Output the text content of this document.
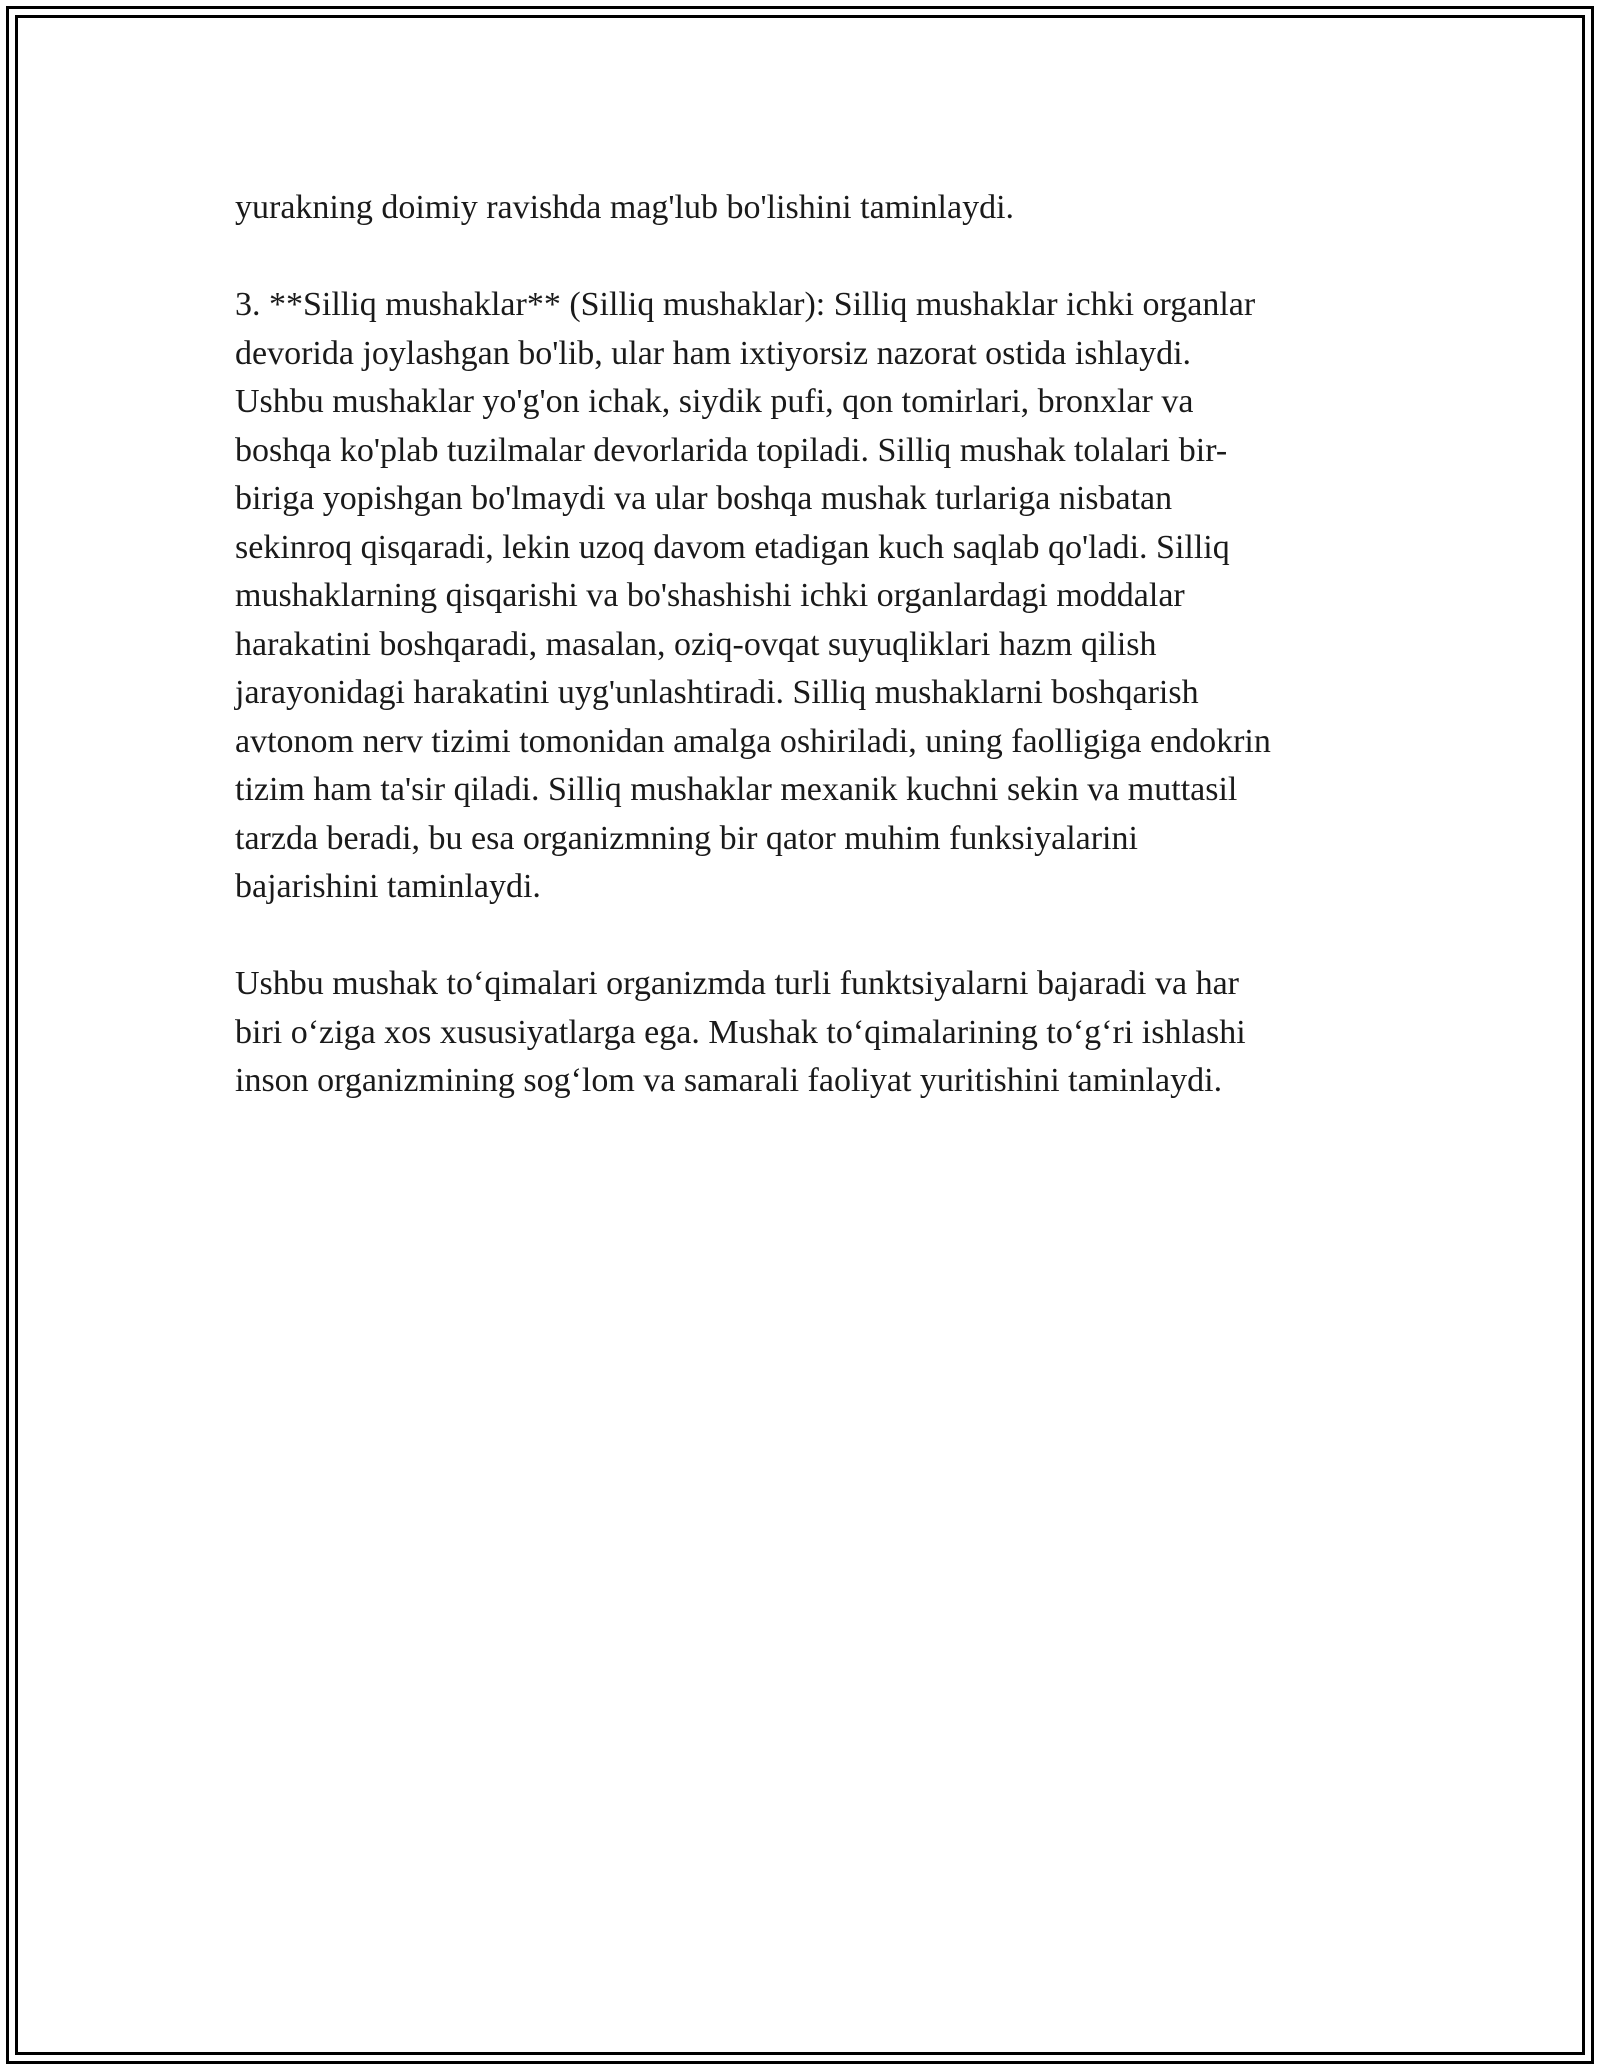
yurakning doimiy ravishda mag'lub bo'lishini taminlaydi.

3. **Silliq mushaklar** (Silliq mushaklar): Silliq mushaklar ichki organlar
devorida joylashgan bo'lib, ular ham ixtiyorsiz nazorat ostida ishlaydi.
Ushbu mushaklar yo'g'on ichak, siydik pufi, qon tomirlari, bronxlar va
boshqa ko'plab tuzilmalar devorlarida topiladi. Silliq mushak tolalari bir-
biriga yopishgan bo'lmaydi va ular boshqa mushak turlariga nisbatan
sekinroq qisqaradi, lekin uzoq davom etadigan kuch saqlab qo'ladi. Silliq
mushaklarning qisqarishi va bo'shashishi ichki organlardagi moddalar
harakatini boshqaradi, masalan, oziq-ovqat suyuqliklari hazm qilish
jarayonidagi harakatini uyg'unlashtiradi. Silliq mushaklarni boshqarish
avtonom nerv tizimi tomonidan amalga oshiriladi, uning faolligiga endokrin
tizim ham ta'sir qiladi. Silliq mushaklar mexanik kuchni sekin va muttasil
tarzda beradi, bu esa organizmning bir qator muhim funksiyalarini
bajarishini taminlaydi.

Ushbu mushak to‘qimalari organizmda turli funktsiyalarni bajaradi va har
biri o‘ziga xos xususiyatlarga ega. Mushak to‘qimalarining to‘g‘ri ishlashi
inson organizmining sog‘lom va samarali faoliyat yuritishini taminlaydi.
